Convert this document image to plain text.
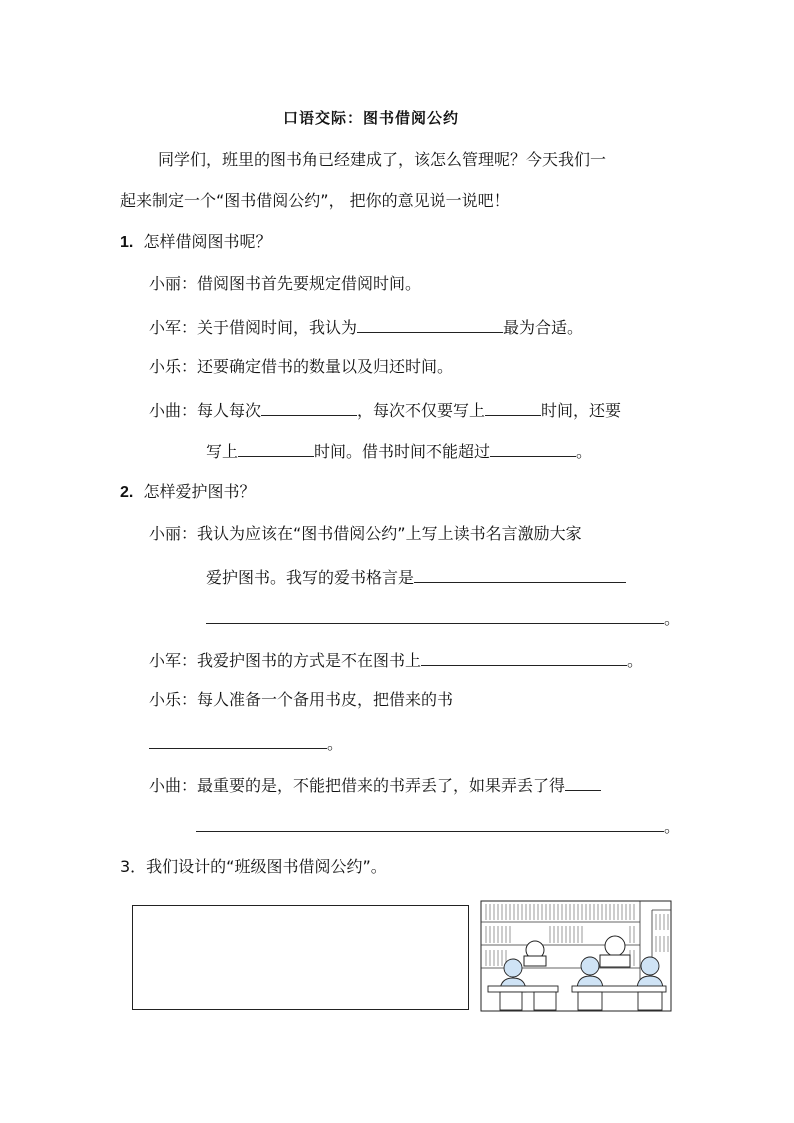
口语交际：图书借阅公约
同学们，班里的图书角已经建成了，该怎么管理呢？今天我们一
起来制定一个“图书借阅公约”， 把你的意见说一说吧！
1. 怎样借阅图书呢？
小丽：借阅图书首先要规定借阅时间。
小军：关于借阅时间，我认为	最为合适。
小乐：还要确定借书的数量以及归还时间。
小曲：每人每次	，每次不仅要写上	时间，还要
写上	时间。借书时间不能超过	。
2. 怎样爱护图书？
小丽：我认为应该在“图书借阅公约”上写上读书名言激励大家
爱护图书。我写的爱书格言是
。
小军：我爱护图书的方式是不在图书上	。
小乐：每人准备一个备用书皮，把借来的书
。
小曲：最重要的是，不能把借来的书弄丢了，如果弄丢了得
。
3．我们设计的“班级图书借阅公约”。
